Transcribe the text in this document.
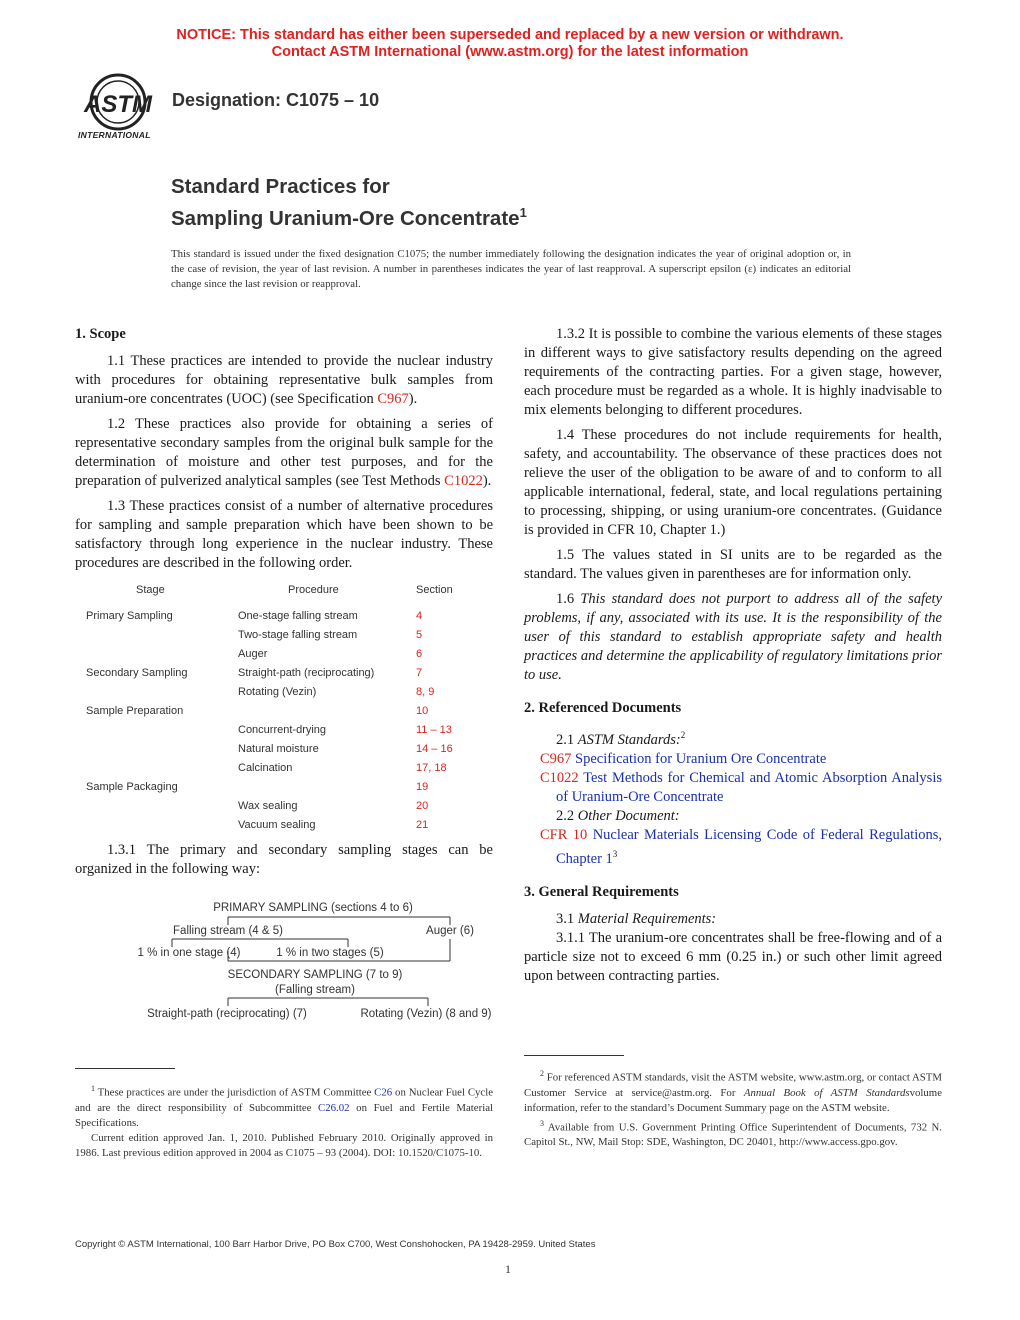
NOTICE: This standard has either been superseded and replaced by a new version or withdrawn.
Contact ASTM International (www.astm.org) for the latest information
ASTM
INTERNATIONAL
Designation: C1075 – 10
Standard Practices for
Sampling Uranium-Ore Concentrate$^1$
This standard is issued under the fixed designation C1075; the number immediately following the designation indicates the year of original adoption or, in the case of revision, the year of last revision. A number in parentheses indicates the year of last reapproval. A superscript epsilon (ε) indicates an editorial change since the last revision or reapproval.

1. Scope

1.1 These practices are intended to provide the nuclear industry with procedures for obtaining representative bulk samples from uranium-ore concentrates (UOC) (see Specification C967).

1.2 These practices also provide for obtaining a series of representative secondary samples from the original bulk sample for the determination of moisture and other test purposes, and for the preparation of pulverized analytical samples (see Test Methods C1022).

1.3 These practices consist of a number of alternative procedures for sampling and sample preparation which have been shown to be satisfactory through long experience in the nuclear industry. These procedures are described in the following order.

Stage	Procedure	Section
Primary Sampling	One-stage falling stream	4
	Two-stage falling stream	5
	Auger	6
Secondary Sampling	Straight-path (reciprocating)	7
	Rotating (Vezin)	8, 9
Sample Preparation		10
	Concurrent-drying	11 – 13
	Natural moisture	14 – 16
	Calcination	17, 18
Sample Packaging		19
	Wax sealing	20
	Vacuum sealing	21

1.3.1 The primary and secondary sampling stages can be organized in the following way:

PRIMARY SAMPLING (sections 4 to 6)
Falling stream (4 & 5)	Auger (6)
1 % in one stage (4)	1 % in two stages (5)
SECONDARY SAMPLING (7 to 9)
(Falling stream)
Straight-path (reciprocating) (7)	Rotating (Vezin) (8 and 9)

1.3.2 It is possible to combine the various elements of these stages in different ways to give satisfactory results depending on the agreed requirements of the contracting parties. For a given stage, however, each procedure must be regarded as a whole. It is highly inadvisable to mix elements belonging to different procedures.

1.4 These procedures do not include requirements for health, safety, and accountability. The observance of these practices does not relieve the user of the obligation to be aware of and to conform to all applicable international, federal, state, and local regulations pertaining to processing, shipping, or using uranium-ore concentrates. (Guidance is provided in CFR 10, Chapter 1.)

1.5 The values stated in SI units are to be regarded as the standard. The values given in parentheses are for information only.

1.6 This standard does not purport to address all of the safety problems, if any, associated with its use. It is the responsibility of the user of this standard to establish appropriate safety and health practices and determine the applicability of regulatory limitations prior to use.

2. Referenced Documents

2.1 ASTM Standards:$^2$

C967 Specification for Uranium Ore Concentrate

C1022 Test Methods for Chemical and Atomic Absorption Analysis of Uranium-Ore Concentrate

2.2 Other Document:

CFR 10 Nuclear Materials Licensing Code of Federal Regulations, Chapter $1^3$

3. General Requirements

3.1 Material Requirements:

3.1.1 The uranium-ore concentrates shall be free-flowing and of a particle size not to exceed 6 mm (0.25 in.) or such other limit agreed upon between contracting parties.

$^1$ These practices are under the jurisdiction of ASTM Committee C26 on Nuclear Fuel Cycle and are the direct responsibility of Subcommittee C26.02 on Fuel and Fertile Material Specifications.
Current edition approved Jan. 1, 2010. Published February 2010. Originally approved in 1986. Last previous edition approved in 2004 as C1075 – 93 (2004). DOI: 10.1520/C1075-10.
$^2$ For referenced ASTM standards, visit the ASTM website, www.astm.org, or contact ASTM Customer Service at service@astm.org. For Annual Book of ASTM Standardsvolume information, refer to the standard’s Document Summary page on the ASTM website.
$^3$ Available from U.S. Government Printing Office Superintendent of Documents, 732 N. Capitol St., NW, Mail Stop: SDE, Washington, DC 20401, http://www.access.gpo.gov.
Copyright © ASTM International, 100 Barr Harbor Drive, PO Box C700, West Conshohocken, PA 19428-2959. United States
1
